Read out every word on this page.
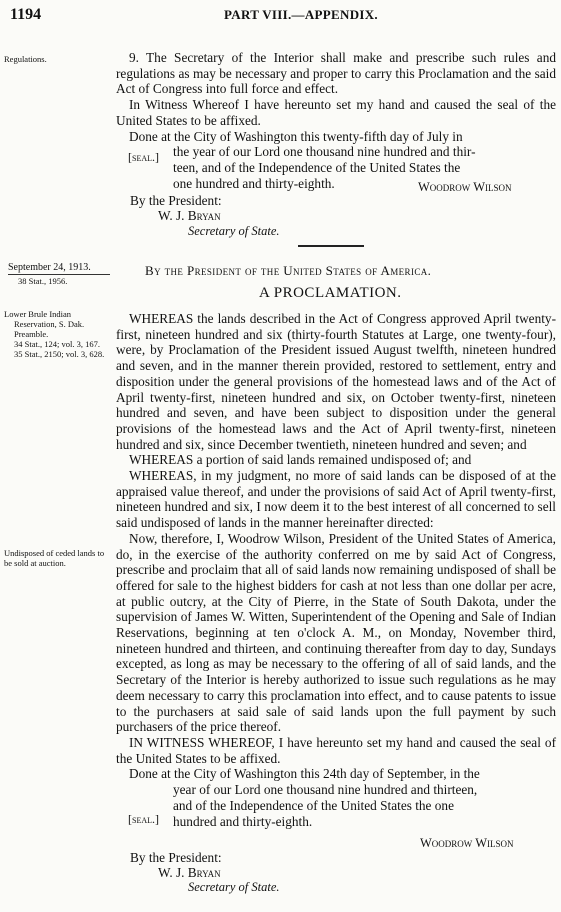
1194	PART VIII.—APPENDIX.
Regulations.	9. The Secretary of the Interior shall make and prescribe such rules and regulations as may be necessary and proper to carry this Proclamation and the said Act of Congress into full force and effect.

In Witness Whereof I have hereunto set my hand and caused the seal of the United States to be affixed.

Done at the City of Washington this twenty-fifth day of July in

the year of our Lord one thousand nine hundred and thir-

teen, and of the Independence of the United States the

one hundred and thirty-eighth.

[seal.]
Woodrow Wilson
By the President:
W. J. Bryan
Secretary of State.
September 24, 1913.
38 Stat., 1956.
By the President of the United States of America.
A PROCLAMATION.
Lower Brule Indian Reservation, S. Dak.
Preamble.
34 Stat., 124; vol. 3, 167.
35 Stat., 2150; vol. 3, 628.

WHEREAS the lands described in the Act of Congress approved April twenty-first, nineteen hundred and six (thirty-fourth Statutes at Large, one twenty-four), were, by Proclamation of the President issued August twelfth, nineteen hundred and seven, and in the manner therein provided, restored to settlement, entry and disposition under the general provisions of the homestead laws and of the Act of April twenty-first, nineteen hundred and six, on October twenty-first, nineteen hundred and seven, and have been subject to disposition under the general provisions of the homestead laws and the Act of April twenty-first, nineteen hundred and six, since December twentieth, nineteen hundred and seven; and

WHEREAS a portion of said lands remained undisposed of; and

WHEREAS, in my judgment, no more of said lands can be disposed of at the appraised value thereof, and under the provisions of said Act of April twenty-first, nineteen hundred and six, I now deem it to the best interest of all concerned to sell said undisposed of lands in the manner hereinafter directed:

Now, therefore, I, Woodrow Wilson, President of the United States of America, do, in the exercise of the authority conferred on me by said Act of Congress, prescribe and proclaim that all of said lands now remaining undisposed of shall be offered for sale to the highest bidders for cash at not less than one dollar per acre, at public outcry, at the City of Pierre, in the State of South Dakota, under the supervision of James W. Witten, Superintendent of the Opening and Sale of Indian Reservations, beginning at ten o'clock A. M., on Monday, November third, nineteen hundred and thirteen, and continuing thereafter from day to day, Sundays excepted, as long as may be necessary to the offering of all of said lands, and the Secretary of the Interior is hereby authorized to issue such regulations as he may deem necessary to carry this proclamation into effect, and to cause patents to issue to the purchasers at said sale of said lands upon the full payment by such purchasers of the price thereof.

IN WITNESS WHEREOF, I have hereunto set my hand and caused the seal of the United States to be affixed.

Done at the City of Washington this 24th day of September, in the

year of our Lord one thousand nine hundred and thirteen,

and of the Independence of the United States the one

hundred and thirty-eighth.

Undisposed of ceded lands to be sold at auction.
[seal.]
Woodrow Wilson
By the President:
W. J. Bryan
Secretary of State.
